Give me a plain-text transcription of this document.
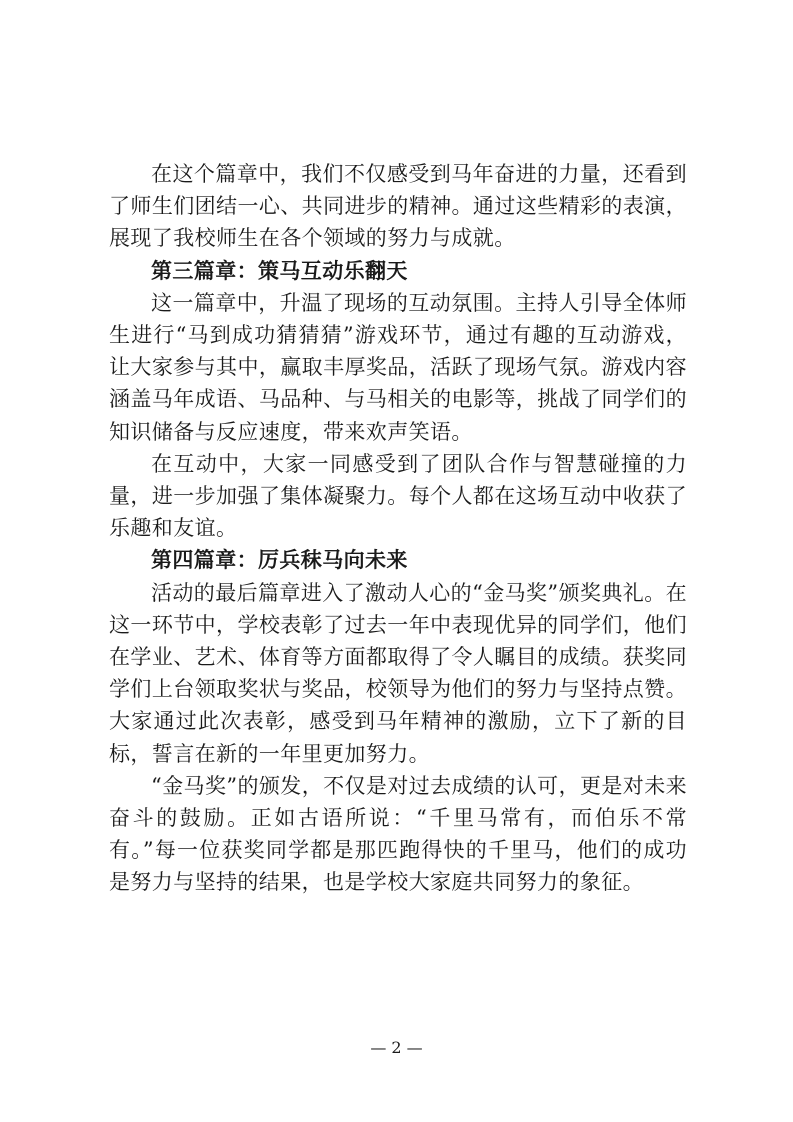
在这个篇章中，我们不仅感受到马年奋进的力量，还看到了师生们团结一心、共同进步的精神。通过这些精彩的表演，展现了我校师生在各个领域的努力与成就。

第三篇章：策马互动乐翻天

这一篇章中，升温了现场的互动氛围。主持人引导全体师生进行“马到成功猜猜猜”游戏环节，通过有趣的互动游戏，让大家参与其中，赢取丰厚奖品，活跃了现场气氛。游戏内容涵盖马年成语、马品种、与马相关的电影等，挑战了同学们的知识储备与反应速度，带来欢声笑语。

在互动中，大家一同感受到了团队合作与智慧碰撞的力量，进一步加强了集体凝聚力。每个人都在这场互动中收获了乐趣和友谊。

第四篇章：厉兵秣马向未来

活动的最后篇章进入了激动人心的“金马奖”颁奖典礼。在这一环节中，学校表彰了过去一年中表现优异的同学们，他们在学业、艺术、体育等方面都取得了令人瞩目的成绩。获奖同学们上台领取奖状与奖品，校领导为他们的努力与坚持点赞。大家通过此次表彰，感受到马年精神的激励，立下了新的目标，誓言在新的一年里更加努力。

“金马奖”的颁发，不仅是对过去成绩的认可，更是对未来奋斗的鼓励。正如古语所说：“千里马常有，而伯乐不常有。”每一位获奖同学都是那匹跑得快的千里马，他们的成功是努力与坚持的结果，也是学校大家庭共同努力的象征。

— 2 —
